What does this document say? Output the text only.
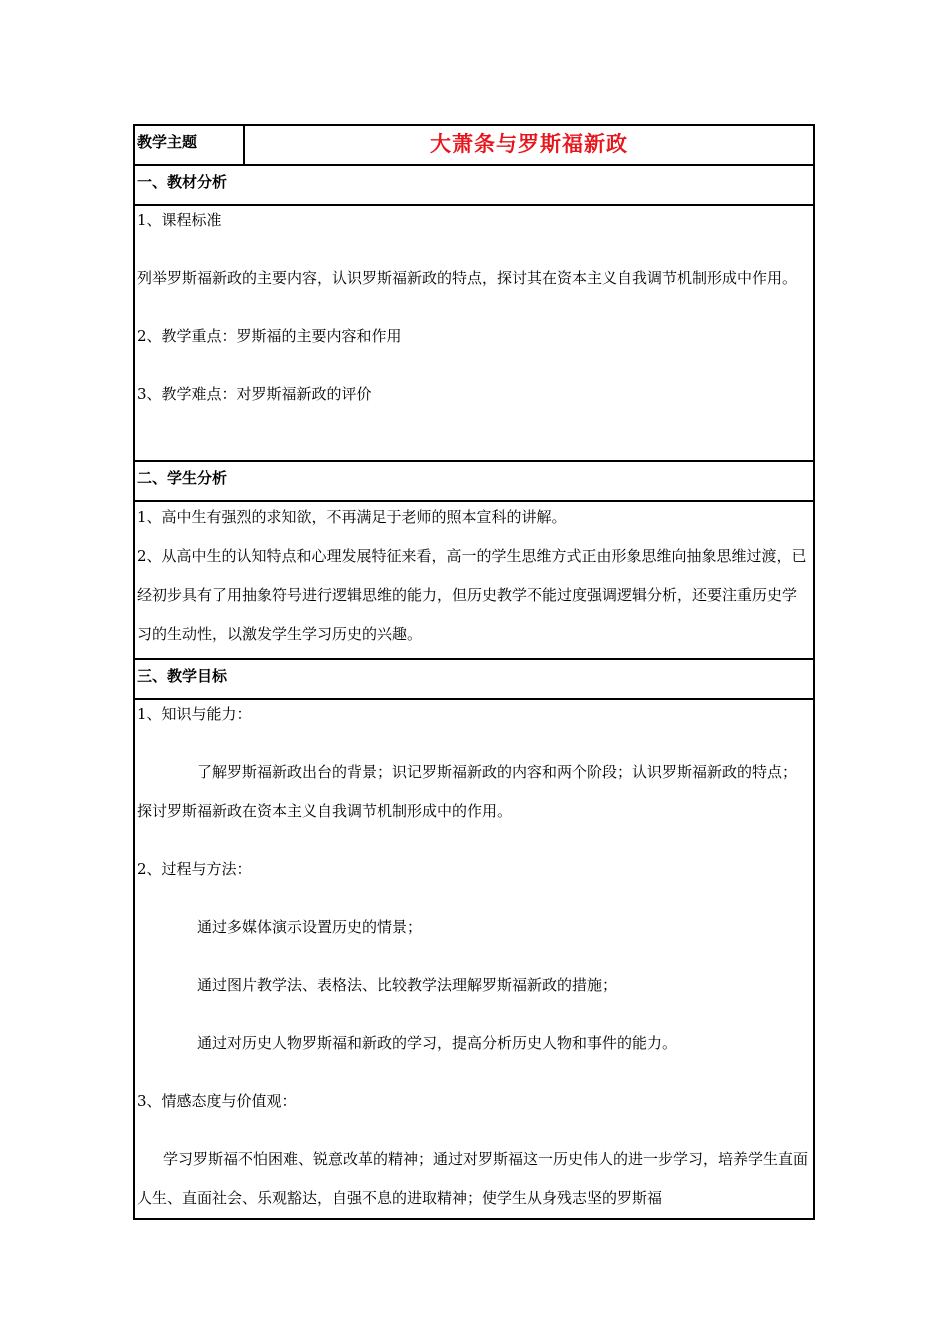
教学主题	大萧条与罗斯福新政
一、教材分析

1、课程标准

列举罗斯福新政的主要内容，认识罗斯福新政的特点，探讨其在资本主义自我调节机制形成中作用。

2、教学重点：罗斯福的主要内容和作用

3、教学难点：对罗斯福新政的评价

二、学生分析

1、高中生有强烈的求知欲，不再满足于老师的照本宣科的讲解。

2、从高中生的认知特点和心理发展特征来看，高一的学生思维方式正由形象思维向抽象思维过渡，已经初步具有了用抽象符号进行逻辑思维的能力，但历史教学不能过度强调逻辑分析，还要注重历史学习的生动性，以激发学生学习历史的兴趣。

三、教学目标

1、知识与能力：

了解罗斯福新政出台的背景；识记罗斯福新政的内容和两个阶段；认识罗斯福新政的特点；探讨罗斯福新政在资本主义自我调节机制形成中的作用。

2、过程与方法：

通过多媒体演示设置历史的情景；

通过图片教学法、表格法、比较教学法理解罗斯福新政的措施；

通过对历史人物罗斯福和新政的学习，提高分析历史人物和事件的能力。

3、情感态度与价值观：

学习罗斯福不怕困难、锐意改革的精神；通过对罗斯福这一历史伟人的进一步学习，培养学生直面人生、直面社会、乐观豁达，自强不息的进取精神；使学生从身残志坚的罗斯福
